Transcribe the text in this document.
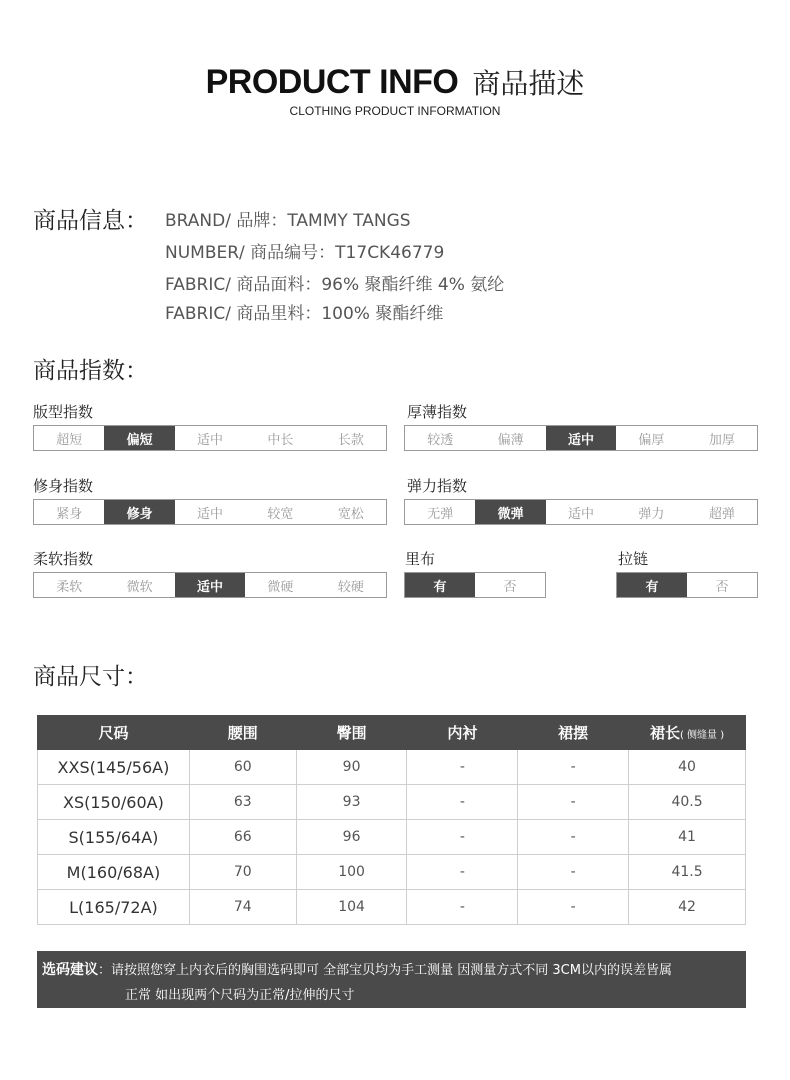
PRODUCT INFO 商品描述
CLOTHING PRODUCT INFORMATION
商品信息： BRAND/ 品牌：TAMMY TANGS
NUMBER/ 商品编号：T17CK46779
FABRIC/ 商品面料：96% 聚酯纤维 4% 氨纶
FABRIC/ 商品里料：100% 聚酯纤维
商品指数：
版型指数
超短	偏短	适中	中长	长款
厚薄指数
较透	偏薄	适中	偏厚	加厚
修身指数
紧身	修身	适中	较宽	宽松
弹力指数
无弹	微弹	适中	弹力	超弹
柔软指数
柔软	微软	适中	微硬	较硬
里布
有	否
拉链
有	否
商品尺寸：
尺码	腰围	臀围	内衬	裙摆	裙长( 侧缝量 )
XXS(145/56A)	60	90	-	-	40
XS(150/60A)	63	93	-	-	40.5
S(155/64A)	66	96	-	-	41
M(160/68A)	70	100	-	-	41.5
L(165/72A)	74	104	-	-	42
选码建议：请按照您穿上内衣后的胸围选码即可 全部宝贝均为手工测量 因测量方式不同 3CM以内的误差皆属
正常 如出现两个尺码为正常/拉伸的尺寸
